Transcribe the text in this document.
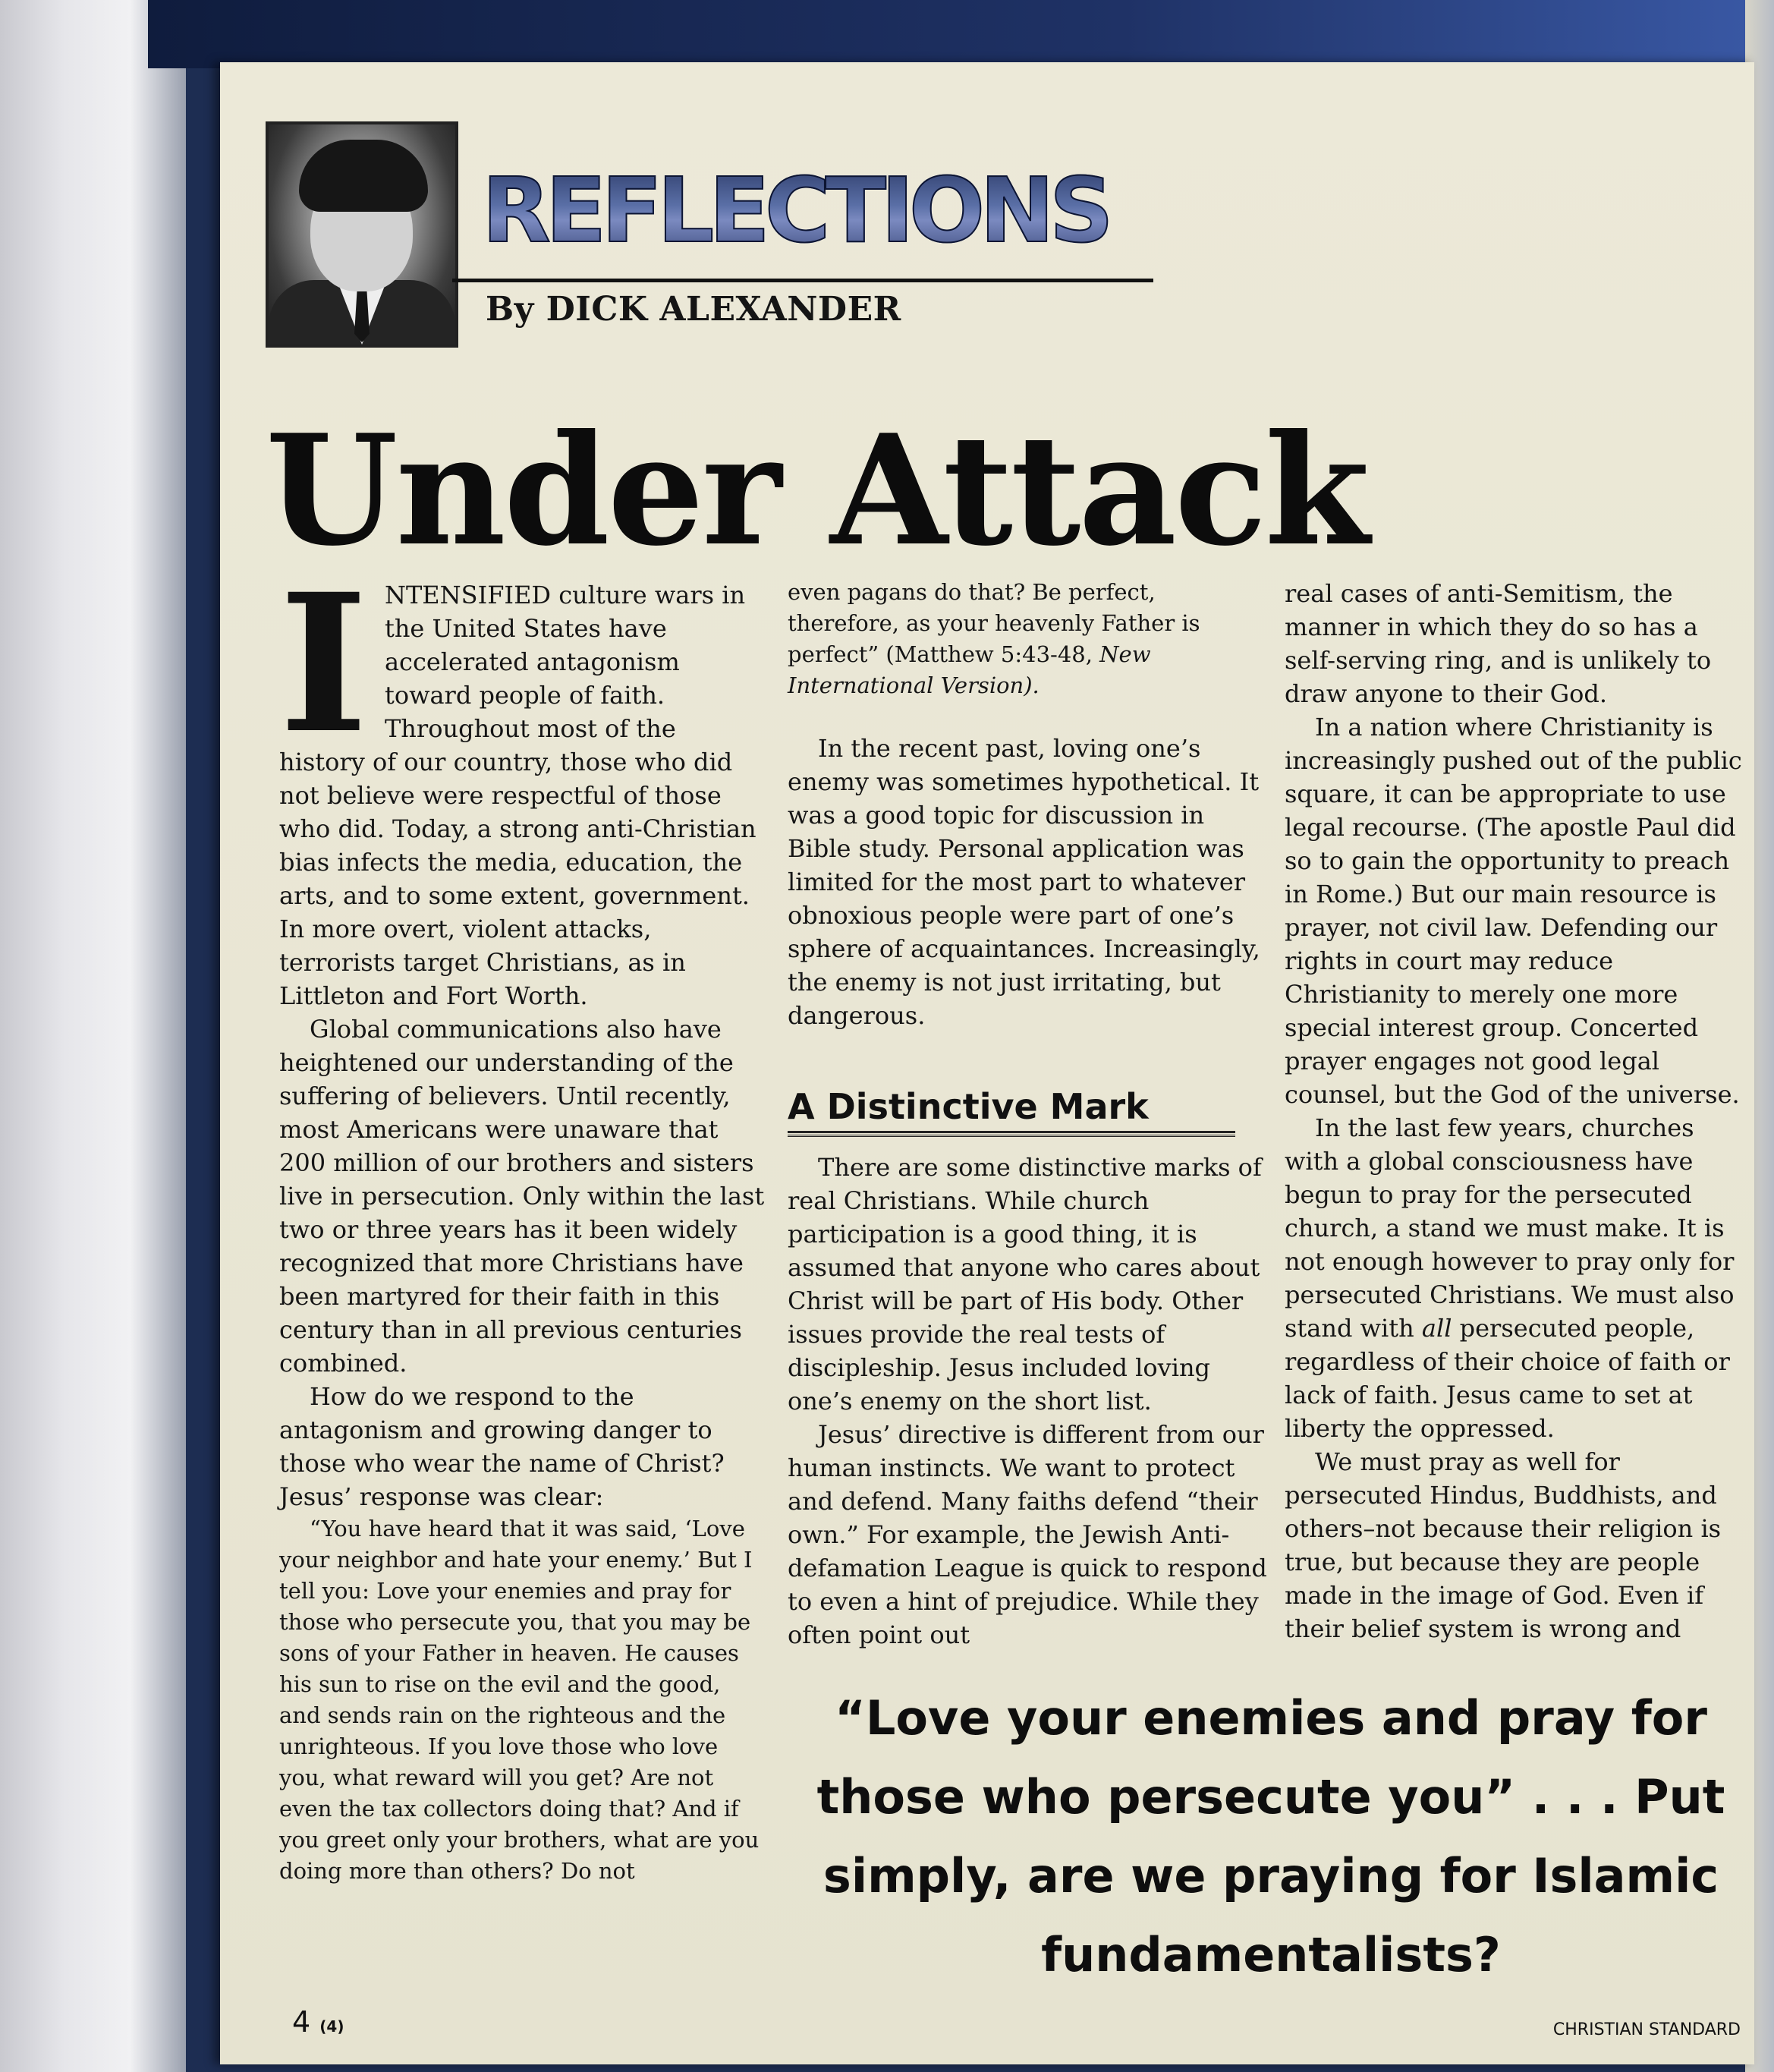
REFLECTIONS
By DICK ALEXANDER
Under Attack

INTENSIFIED culture wars in the United States have accelerated antagonism toward people of faith. Throughout most of the history of our country, those who did not believe were respectful of those who did. Today, a strong anti-Christian bias infects the media, education, the arts, and to some extent, government. In more overt, violent attacks, terrorists target Christians, as in Littleton and Fort Worth.

Global communications also have heightened our understanding of the suffering of believers. Until recently, most Americans were unaware that 200 million of our brothers and sisters live in persecution. Only within the last two or three years has it been widely recognized that more Christians have been martyred for their faith in this century than in all previous centuries combined.

How do we respond to the antagonism and growing danger to those who wear the name of Christ? Jesus’ response was clear:

“You have heard that it was said, ‘Love your neighbor and hate your enemy.’ But I tell you: Love your enemies and pray for those who persecute you, that you may be sons of your Father in heaven. He causes his sun to rise on the evil and the good, and sends rain on the righteous and the unrighteous. If you love those who love you, what reward will you get? Are not even the tax collectors doing that? And if you greet only your brothers, what are you doing more than others? Do not

even pagans do that? Be perfect, therefore, as your heavenly Father is perfect” (Matthew 5:43-48, New International Version).

In the recent past, loving one’s enemy was sometimes hypothetical. It was a good topic for discussion in Bible study. Personal application was limited for the most part to whatever obnoxious people were part of one’s sphere of acquaintances. Increasingly, the enemy is not just irritating, but dangerous.

A Distinctive Mark

There are some distinctive marks of real Christians. While church participation is a good thing, it is assumed that anyone who cares about Christ will be part of His body. Other issues provide the real tests of discipleship. Jesus included loving one’s enemy on the short list.

Jesus’ directive is different from our human instincts. We want to protect and defend. Many faiths defend “their own.” For example, the Jewish Anti-defamation League is quick to respond to even a hint of prejudice. While they often point out

real cases of anti-Semitism, the manner in which they do so has a self-serving ring, and is unlikely to draw anyone to their God.

In a nation where Christianity is increasingly pushed out of the public square, it can be appropriate to use legal recourse. (The apostle Paul did so to gain the opportunity to preach in Rome.) But our main resource is prayer, not civil law. Defending our rights in court may reduce Christianity to merely one more special interest group. Concerted prayer engages not good legal counsel, but the God of the universe.

In the last few years, churches with a global consciousness have begun to pray for the persecuted church, a stand we must make. It is not enough however to pray only for persecuted Christians. We must also stand with all persecuted people, regardless of their choice of faith or lack of faith. Jesus came to set at liberty the oppressed.

We must pray as well for persecuted Hindus, Buddhists, and others–not because their religion is true, but because they are people made in the image of God. Even if their belief system is wrong and

“Love your enemies and pray for those who persecute you” . . . Put simply, are we praying for Islamic fundamentalists?
4 (4)	CHRISTIAN STANDARD
